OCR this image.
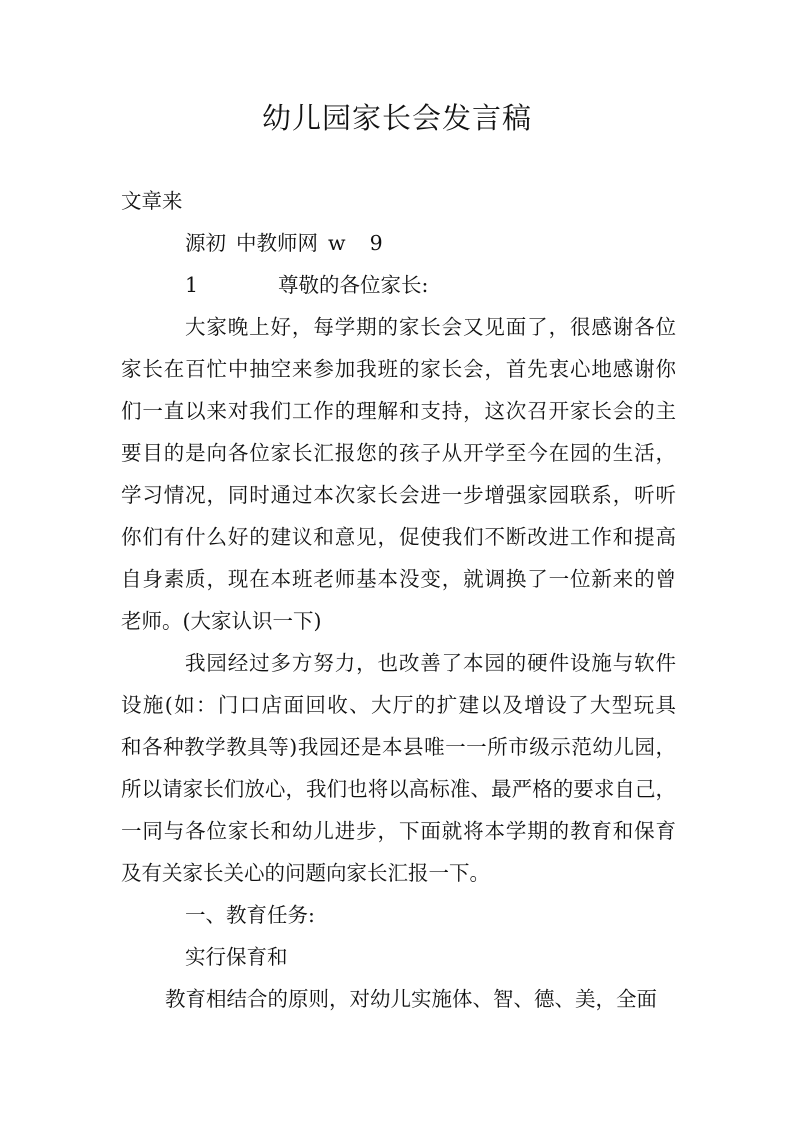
幼儿园家长会发言稿
文章来
源初 中教师网 w 9
1	尊敬的各位家长:
大家晚上好，每学期的家长会又见面了，很感谢各位
家长在百忙中抽空来参加我班的家长会，首先衷心地感谢你
们一直以来对我们工作的理解和支持，这次召开家长会的主
要目的是向各位家长汇报您的孩子从开学至今在园的生活，
学习情况，同时通过本次家长会进一步增强家园联系，听听
你们有什么好的建议和意见，促使我们不断改进工作和提高
自身素质，现在本班老师基本没变，就调换了一位新来的曾
老师。(大家认识一下)
我园经过多方努力，也改善了本园的硬件设施与软件
设施(如：门口店面回收、大厅的扩建以及增设了大型玩具
和各种教学教具等)我园还是本县唯一一所市级示范幼儿园，
所以请家长们放心，我们也将以高标准、最严格的要求自己，
一同与各位家长和幼儿进步，下面就将本学期的教育和保育
及有关家长关心的问题向家长汇报一下。
一、教育任务:
实行保育和
教育相结合的原则，对幼儿实施体、智、德、美，全面
